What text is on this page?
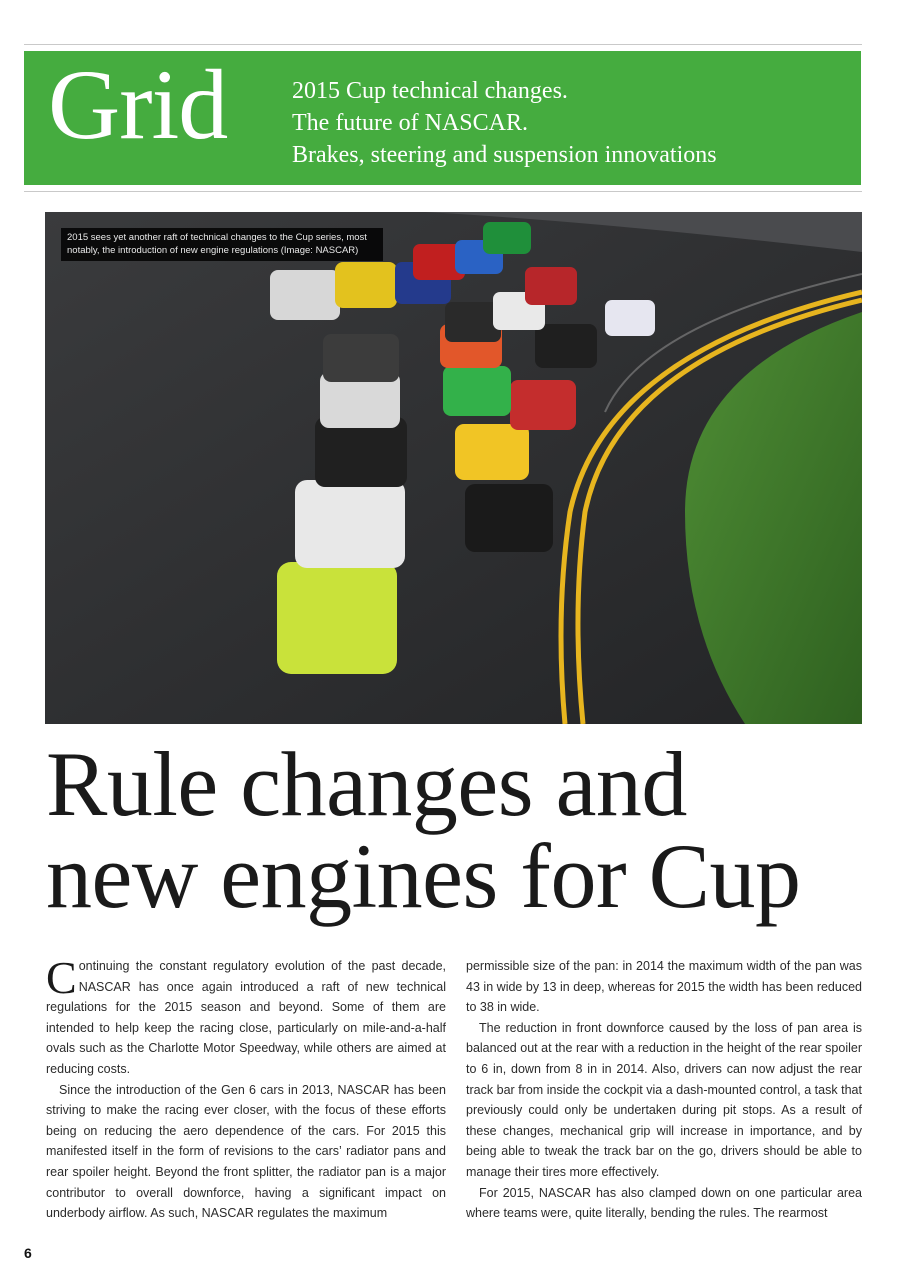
Grid	2015 Cup technical changes.
The future of NASCAR.
Brakes, steering and suspension innovations
2015 sees yet another raft of technical changes to the Cup series, most notably, the introduction of new engine regulations (Image: NASCAR)
Rule changes and
new engines for Cup

Continuing the constant regulatory evolution of the past decade, NASCAR has once again introduced a raft of new technical regulations for the 2015 season and beyond. Some of them are intended to help keep the racing close, particularly on mile-and-a-half ovals such as the Charlotte Motor Speedway, while others are aimed at reducing costs.

Since the introduction of the Gen 6 cars in 2013, NASCAR has been striving to make the racing ever closer, with the focus of these efforts being on reducing the aero dependence of the cars. For 2015 this manifested itself in the form of revisions to the cars’ radiator pans and rear spoiler height. Beyond the front splitter, the radiator pan is a major contributor to overall downforce, having a significant impact on underbody airflow. As such, NASCAR regulates the maximum

permissible size of the pan: in 2014 the maximum width of the pan was 43 in wide by 13 in deep, whereas for 2015 the width has been reduced to 38 in wide.

The reduction in front downforce caused by the loss of pan area is balanced out at the rear with a reduction in the height of the rear spoiler to 6 in, down from 8 in in 2014. Also, drivers can now adjust the rear track bar from inside the cockpit via a dash-mounted control, a task that previously could only be undertaken during pit stops. As a result of these changes, mechanical grip will increase in importance, and by being able to tweak the track bar on the go, drivers should be able to manage their tires more effectively.

For 2015, NASCAR has also clamped down on one particular area where teams were, quite literally, bending the rules. The rearmost

6
